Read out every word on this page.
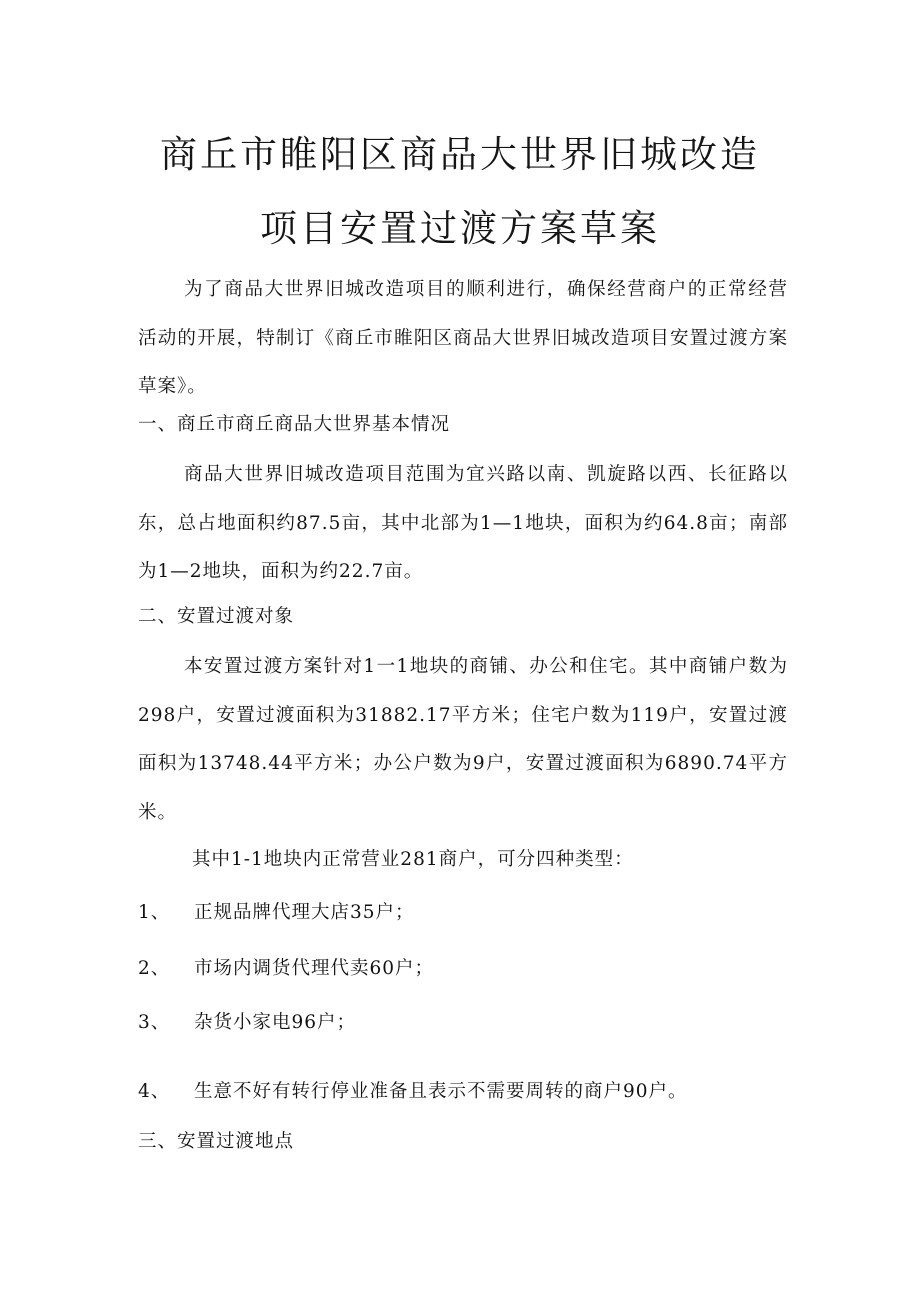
商丘市睢阳区商品大世界旧城改造
项目安置过渡方案草案

为了商品大世界旧城改造项目的顺利进行，确保经营商户的正常经营活动的开展，特制订《商丘市睢阳区商品大世界旧城改造项目安置过渡方案草案》。

一、商丘市商丘商品大世界基本情况

商品大世界旧城改造项目范围为宜兴路以南、凯旋路以西、长征路以东，总占地面积约87.5亩，其中北部为1—1地块，面积为约64.8亩；南部为1—2地块，面积为约22.7亩。

二、安置过渡对象

本安置过渡方案针对1一1地块的商铺、办公和住宅。其中商铺户数为298户，安置过渡面积为31882.17平方米；住宅户数为119户，安置过渡面积为13748.44平方米；办公户数为9户，安置过渡面积为6890.74平方米。

其中1-1地块内正常营业281商户，可分四种类型：

1、 正规品牌代理大店35户；
2、 市场内调货代理代卖60户；
3、 杂货小家电96户；
4、 生意不好有转行停业准备且表示不需要周转的商户90户。

三、安置过渡地点
